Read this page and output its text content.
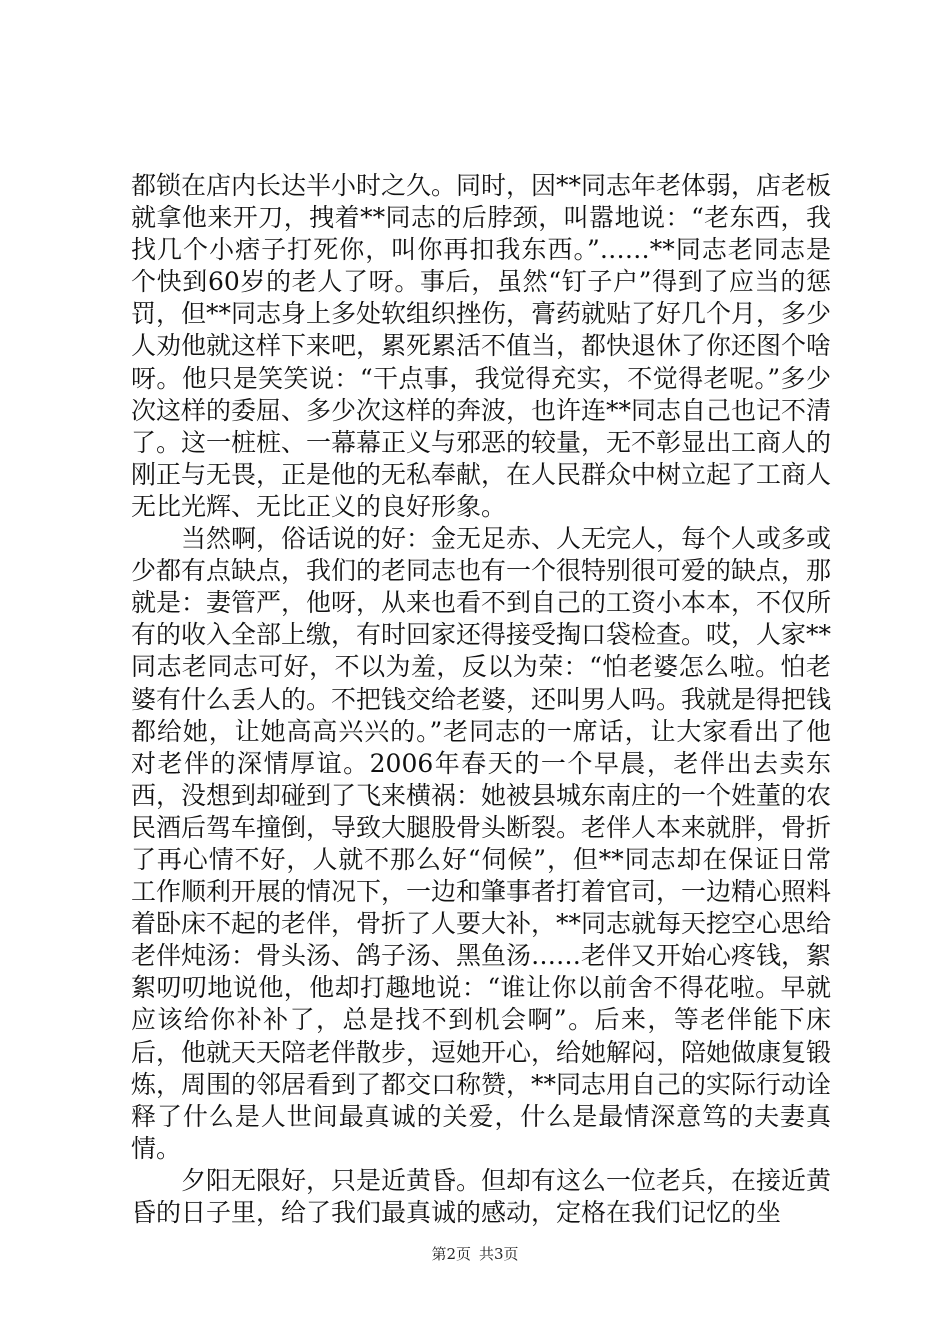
都锁在店内长达半小时之久。同时，因**同志年老体弱，店老板就拿他来开刀，拽着**同志的后脖颈，叫嚣地说：“老东西，我找几个小痞子打死你，叫你再扣我东西。”……**同志老同志是个快到60岁的老人了呀。事后，虽然“钉子户”得到了应当的惩罚，但**同志身上多处软组织挫伤，膏药就贴了好几个月，多少人劝他就这样下来吧，累死累活不值当，都快退休了你还图个啥呀。他只是笑笑说：“干点事，我觉得充实，不觉得老呢。”多少次这样的委屈、多少次这样的奔波，也许连**同志自己也记不清了。这一桩桩、一幕幕正义与邪恶的较量，无不彰显出工商人的刚正与无畏，正是他的无私奉献，在人民群众中树立起了工商人无比光辉、无比正义的良好形象。

当然啊，俗话说的好：金无足赤、人无完人，每个人或多或少都有点缺点，我们的老同志也有一个很特别很可爱的缺点，那就是：妻管严，他呀，从来也看不到自己的工资小本本，不仅所有的收入全部上缴，有时回家还得接受掏口袋检查。哎，人家**同志老同志可好，不以为羞，反以为荣：“怕老婆怎么啦。怕老婆有什么丢人的。不把钱交给老婆，还叫男人吗。我就是得把钱都给她，让她高高兴兴的。”老同志的一席话，让大家看出了他对老伴的深情厚谊。2006年春天的一个早晨，老伴出去卖东西，没想到却碰到了飞来横祸：她被县城东南庄的一个姓董的农民酒后驾车撞倒，导致大腿股骨头断裂。老伴人本来就胖，骨折了再心情不好，人就不那么好“伺候”，但**同志却在保证日常工作顺利开展的情况下，一边和肇事者打着官司，一边精心照料着卧床不起的老伴，骨折了人要大补，**同志就每天挖空心思给老伴炖汤：骨头汤、鸽子汤、黑鱼汤……老伴又开始心疼钱，絮絮叨叨地说他，他却打趣地说：“谁让你以前舍不得花啦。早就应该给你补补了，总是找不到机会啊”。后来，等老伴能下床后，他就天天陪老伴散步，逗她开心，给她解闷，陪她做康复锻炼，周围的邻居看到了都交口称赞，**同志用自己的实际行动诠释了什么是人世间最真诚的关爱，什么是最情深意笃的夫妻真情。

夕阳无限好，只是近黄昏。但却有这么一位老兵，在接近黄昏的日子里，给了我们最真诚的感动，定格在我们记忆的坐

第2页 共3页
